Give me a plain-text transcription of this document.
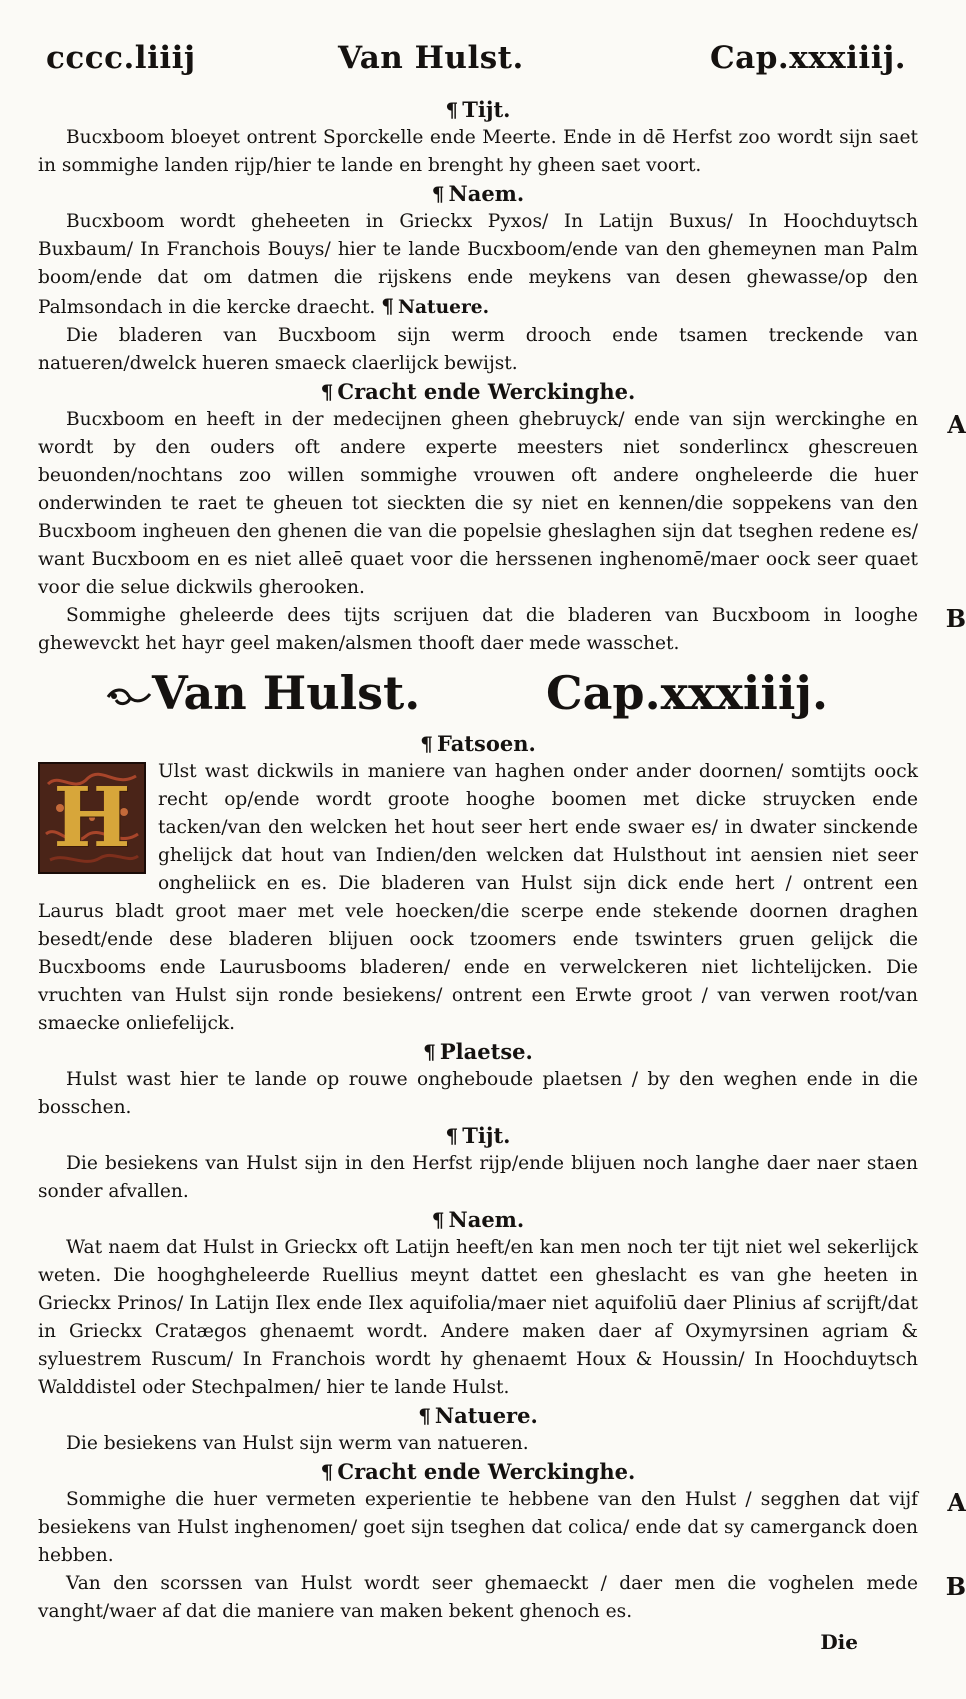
cccc.liiij	Van Hulst.	Cap.xxxiiij.

¶ Tijt.

Bucxboom bloeyet ontrent Sporckelle ende Meerte. Ende in dē Herfst zoo wordt sijn saet in sommighe landen rijp/hier te lande en brenght hy gheen saet voort.

¶ Naem.

Bucxboom wordt gheheeten in Grieckx Pyxos/ In Latijn Buxus/ In Hoochduytsch Buxbaum/ In Franchois Bouys/ hier te lande Bucxboom/ende van den ghemeynen man Palm boom/ende dat om datmen die rijskens ende meykens van desen ghewasse/op den Palmsondach in die kercke draecht. ¶ Natuere.

Die bladeren van Bucxboom sijn werm drooch ende tsamen treckende van natueren/dwelck hueren smaeck claerlijck bewijst.

¶ Cracht ende Werckinghe.

A

Bucxboom en heeft in der medecijnen gheen ghebruyck/ ende van sijn werckinghe en wordt by den ouders oft andere experte meesters niet sonderlincx ghescreuen beuonden/nochtans zoo willen sommighe vrouwen oft andere ongheleerde die huer onderwinden te raet te gheuen tot sieckten die sy niet en kennen/die soppekens van den Bucxboom ingheuen den ghenen die van die popelsie gheslaghen sijn dat tseghen redene es/ want Bucxboom en es niet alleē quaet voor die herssenen inghenomē/maer oock seer quaet voor die selue dickwils gherooken.

B

Sommighe gheleerde dees tijts scrijuen dat die bladeren van Bucxboom in looghe ghewevckt het hayr geel maken/alsmen thooft daer mede wasschet.

Van Hulst.	Cap.xxxiiij.

¶ Fatsoen.

H	Ulst wast dickwils in maniere van haghen onder ander doornen/ somtijts oock recht op/ende wordt groote hooghe boomen met dicke struycken ende tacken/van den welcken het hout seer hert ende swaer es/ in dwater sinckende ghelijck dat hout van Indien/den welcken dat Hulsthout int aensien niet seer ongheliick en es. Die bladeren van Hulst sijn dick ende hert / ontrent een Laurus bladt groot maer met vele hoecken/die scerpe ende stekende doornen draghen besedt/ende dese bladeren blijuen oock tzoomers ende tswinters gruen gelijck die Bucxbooms ende Laurusbooms bladeren/ ende en verwelckeren niet lichtelijcken. Die vruchten van Hulst sijn ronde besiekens/ ontrent een Erwte groot / van verwen root/van smaecke onliefelijck.

¶ Plaetse.

Hulst wast hier te lande op rouwe ongheboude plaetsen / by den weghen ende in die bosschen.

¶ Tijt.

Die besiekens van Hulst sijn in den Herfst rijp/ende blijuen noch langhe daer naer staen sonder afvallen.

¶ Naem.

Wat naem dat Hulst in Grieckx oft Latijn heeft/en kan men noch ter tijt niet wel sekerlijck weten. Die hooghgheleerde Ruellius meynt dattet een gheslacht es van ghe heeten in Grieckx Prinos/ In Latijn Ilex ende Ilex aquifolia/maer niet aquifoliū daer Plinius af scrijft/dat in Grieckx Cratægos ghenaemt wordt. Andere maken daer af Oxymyrsinen agriam & syluestrem Ruscum/ In Franchois wordt hy ghenaemt Houx & Houssin/ In Hoochduytsch Walddistel oder Stechpalmen/ hier te lande Hulst.

¶ Natuere.

Die besiekens van Hulst sijn werm van natueren.

¶ Cracht ende Werckinghe.

A

Sommighe die huer vermeten experientie te hebbene van den Hulst / segghen dat vijf besiekens van Hulst inghenomen/ goet sijn tseghen dat colica/ ende dat sy camerganck doen hebben.

B

Van den scorssen van Hulst wordt seer ghemaeckt / daer men die voghelen mede vanght/waer af dat die maniere van maken bekent ghenoch es.

Die
